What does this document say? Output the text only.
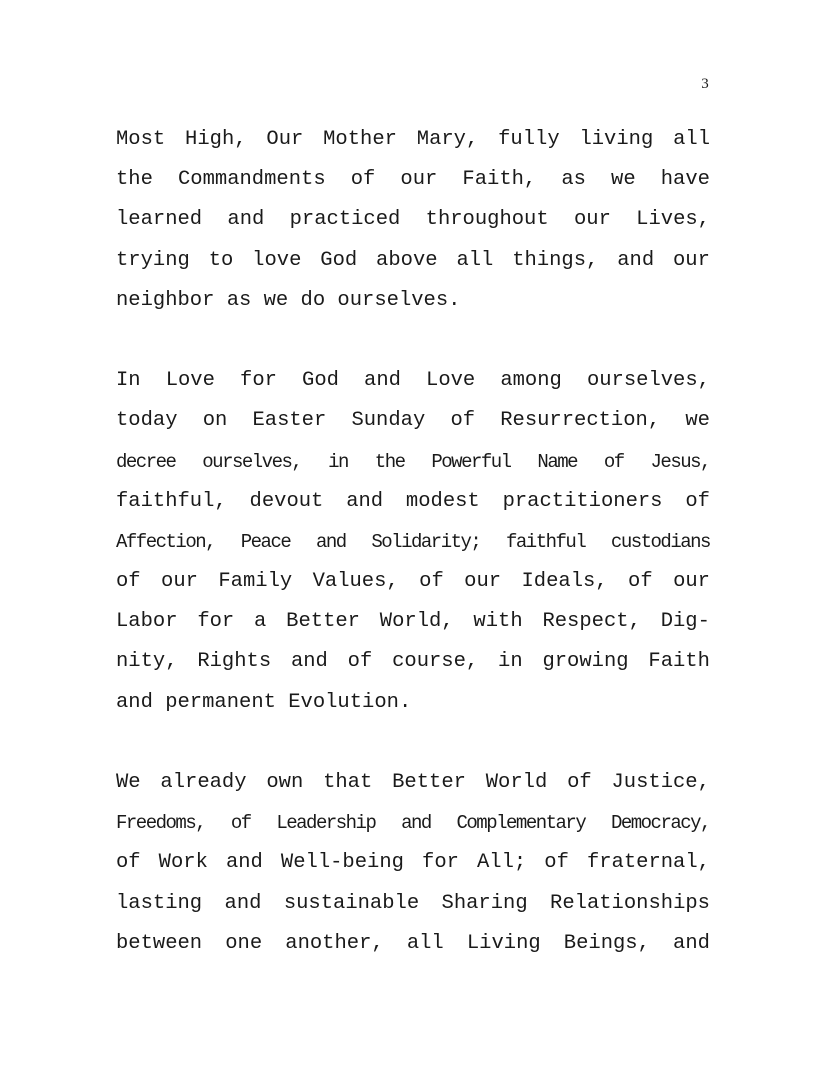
3
Most High, Our Mother Mary, fully living all
the Commandments of our Faith, as we have
learned and practiced throughout our Lives,
trying to love God above all things, and our
neighbor as we do ourselves.
In Love for God and Love among ourselves,
today on Easter Sunday of Resurrection, we
decree ourselves, in the Powerful Name of Jesus,
faithful, devout and modest practitioners of
Affection, Peace and Solidarity; faithful custodians
of our Family Values, of our Ideals, of our
Labor for a Better World, with Respect, Dig-
nity, Rights and of course, in growing Faith
and permanent Evolution.
We already own that Better World of Justice,
Freedoms, of Leadership and Complementary Democracy,
of Work and Well-being for All; of fraternal,
lasting and sustainable Sharing Relationships
between one another, all Living Beings, and
